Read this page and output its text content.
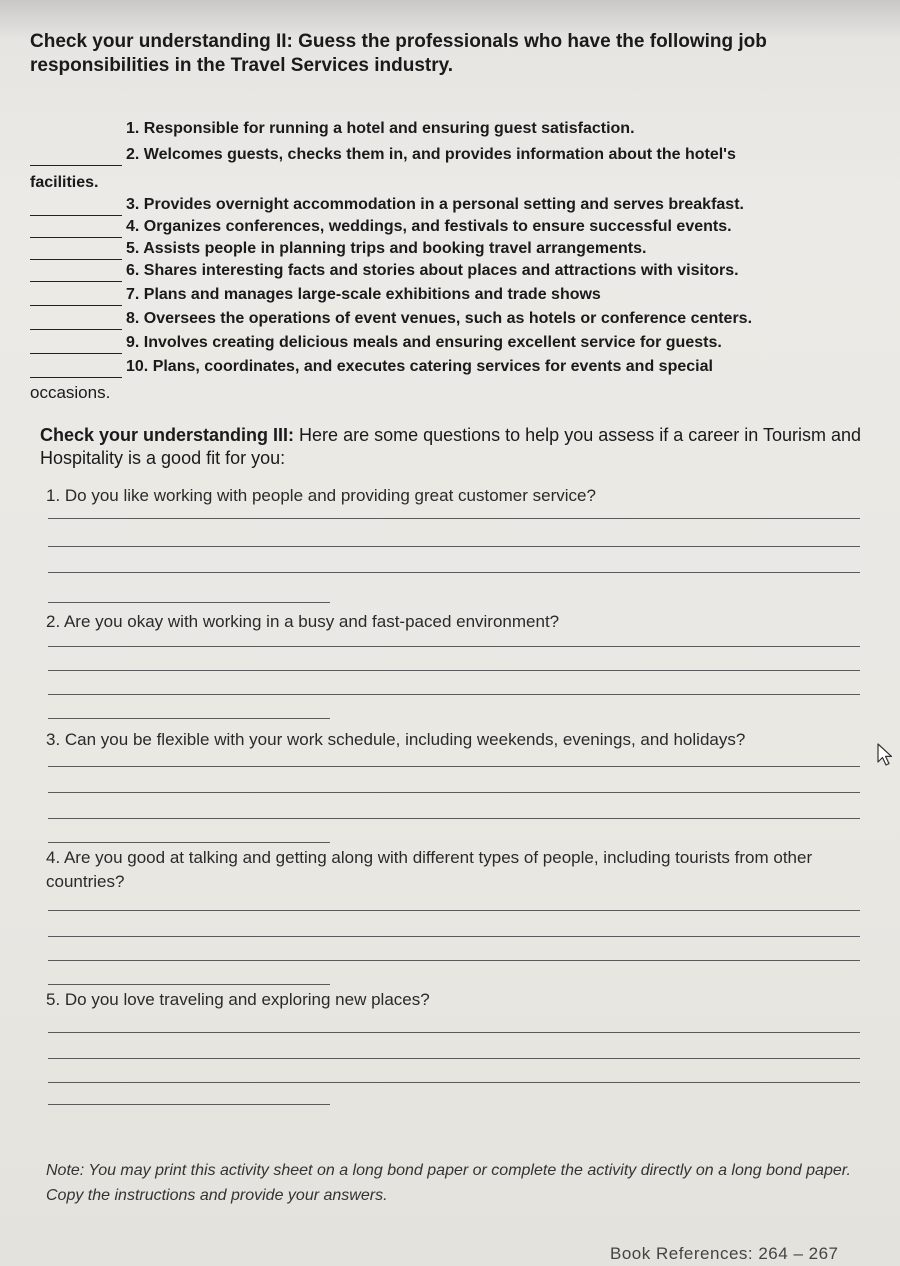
Check your understanding II: Guess the professionals who have the following job responsibilities in the Travel Services industry.
1. Responsible for running a hotel and ensuring guest satisfaction.
2. Welcomes guests, checks them in, and provides information about the hotel's
facilities.
3. Provides overnight accommodation in a personal setting and serves breakfast.
4. Organizes conferences, weddings, and festivals to ensure successful events.
5. Assists people in planning trips and booking travel arrangements.
6. Shares interesting facts and stories about places and attractions with visitors.
7. Plans and manages large-scale exhibitions and trade shows
8. Oversees the operations of event venues, such as hotels or conference centers.
9. Involves creating delicious meals and ensuring excellent service for guests.
10. Plans, coordinates, and executes catering services for events and special
occasions.
Check your understanding III: Here are some questions to help you assess if a career in Tourism and Hospitality is a good fit for you:
1. Do you like working with people and providing great customer service?
2. Are you okay with working in a busy and fast-paced environment?
3. Can you be flexible with your work schedule, including weekends, evenings, and holidays?
4. Are you good at talking and getting along with different types of people, including tourists from other countries?
5. Do you love traveling and exploring new places?
Note: You may print this activity sheet on a long bond paper or complete the activity directly on a long bond paper. Copy the instructions and provide your answers.
Book References: 264 – 267
